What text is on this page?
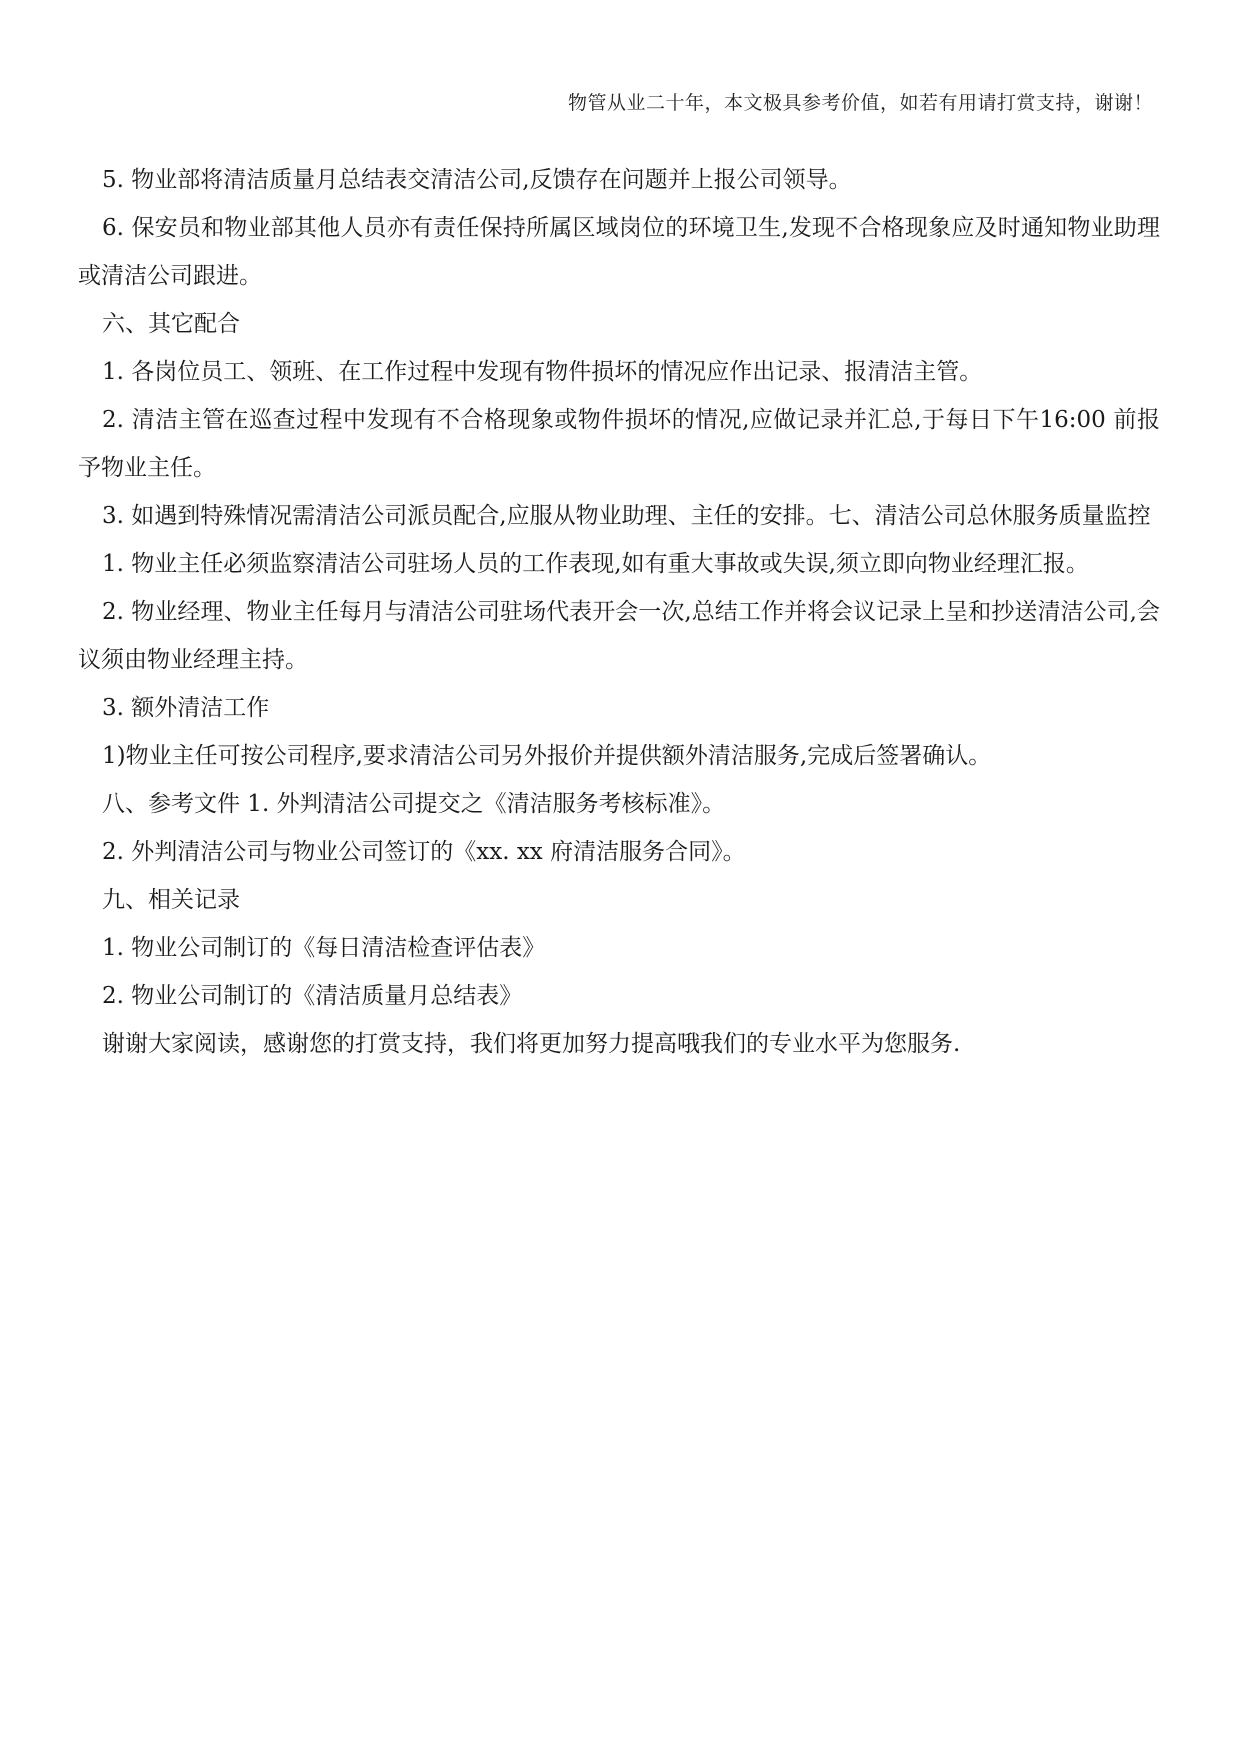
物管从业二十年，本文极具参考价值，如若有用请打赏支持，谢谢！

5. 物业部将清洁质量月总结表交清洁公司,反馈存在问题并上报公司领导。

6. 保安员和物业部其他人员亦有责任保持所属区域岗位的环境卫生,发现不合格现象应及时通知物业助理或清洁公司跟进。

六、其它配合

1. 各岗位员工、领班、在工作过程中发现有物件损坏的情况应作出记录、报清洁主管。

2. 清洁主管在巡查过程中发现有不合格现象或物件损坏的情况,应做记录并汇总,于每日下午16:00 前报予物业主任。

3. 如遇到特殊情况需清洁公司派员配合,应服从物业助理、主任的安排。七、清洁公司总休服务质量监控

1. 物业主任必须监察清洁公司驻场人员的工作表现,如有重大事故或失误,须立即向物业经理汇报。

2. 物业经理、物业主任每月与清洁公司驻场代表开会一次,总结工作并将会议记录上呈和抄送清洁公司,会议须由物业经理主持。

3. 额外清洁工作

1)物业主任可按公司程序,要求清洁公司另外报价并提供额外清洁服务,完成后签署确认。

八、参考文件 1. 外判清洁公司提交之《清洁服务考核标准》。

2. 外判清洁公司与物业公司签订的《xx. xx 府清洁服务合同》。

九、相关记录

1. 物业公司制订的《每日清洁检查评估表》

2. 物业公司制订的《清洁质量月总结表》

谢谢大家阅读，感谢您的打赏支持，我们将更加努力提高哦我们的专业水平为您服务.
